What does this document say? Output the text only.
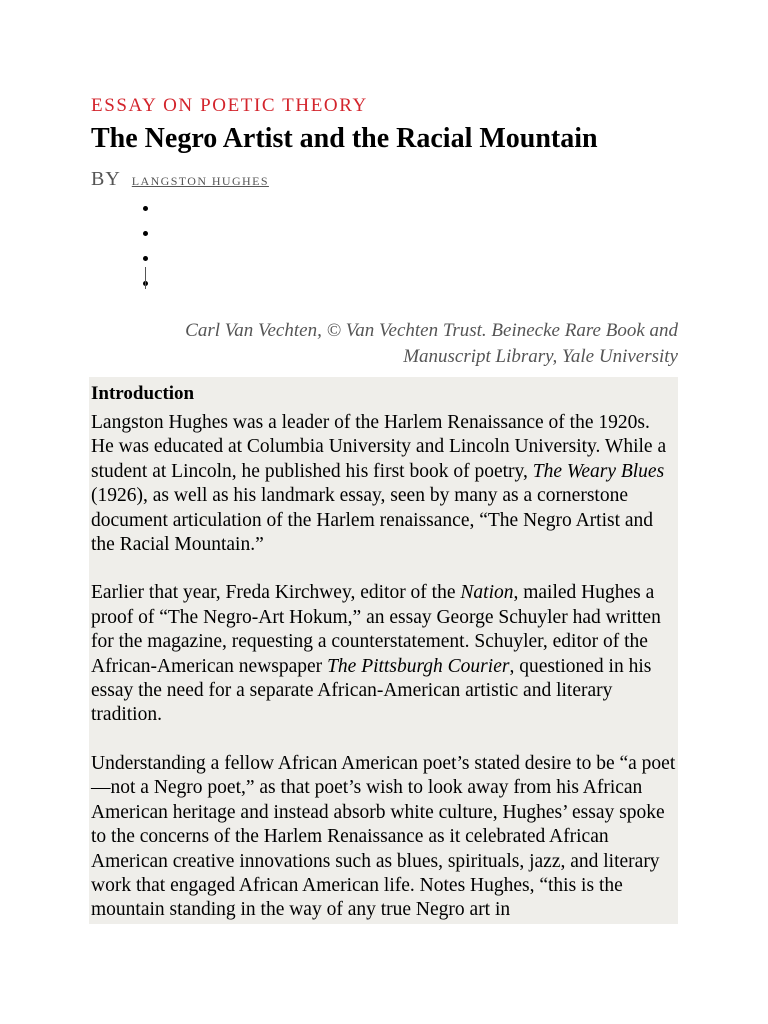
ESSAY ON POETIC THEORY
The Negro Artist and the Racial Mountain
BY LANGSTON HUGHES
Carl Van Vechten, © Van Vechten Trust. Beinecke Rare Book and
Manuscript Library, Yale University
Introduction

Langston Hughes was a leader of the Harlem Renaissance of the 1920s. He was educated at Columbia University and Lincoln University. While a student at Lincoln, he published his first book of poetry, The Weary Blues (1926), as well as his landmark essay, seen by many as a cornerstone document articulation of the Harlem renaissance, “The Negro Artist and the Racial Mountain.”

Earlier that year, Freda Kirchwey, editor of the Nation, mailed Hughes a proof of “The Negro-Art Hokum,” an essay George Schuyler had written for the magazine, requesting a counterstatement. Schuyler, editor of the African-American newspaper The Pittsburgh Courier, questioned in his essay the need for a separate African-American artistic and literary tradition.

Understanding a fellow African American poet’s stated desire to be “a poet—not a Negro poet,” as that poet’s wish to look away from his African American heritage and instead absorb white culture, Hughes’ essay spoke to the concerns of the Harlem Renaissance as it celebrated African American creative innovations such as blues, spirituals, jazz, and literary work that engaged African American life. Notes Hughes, “this is the mountain standing in the way of any true Negro art in
